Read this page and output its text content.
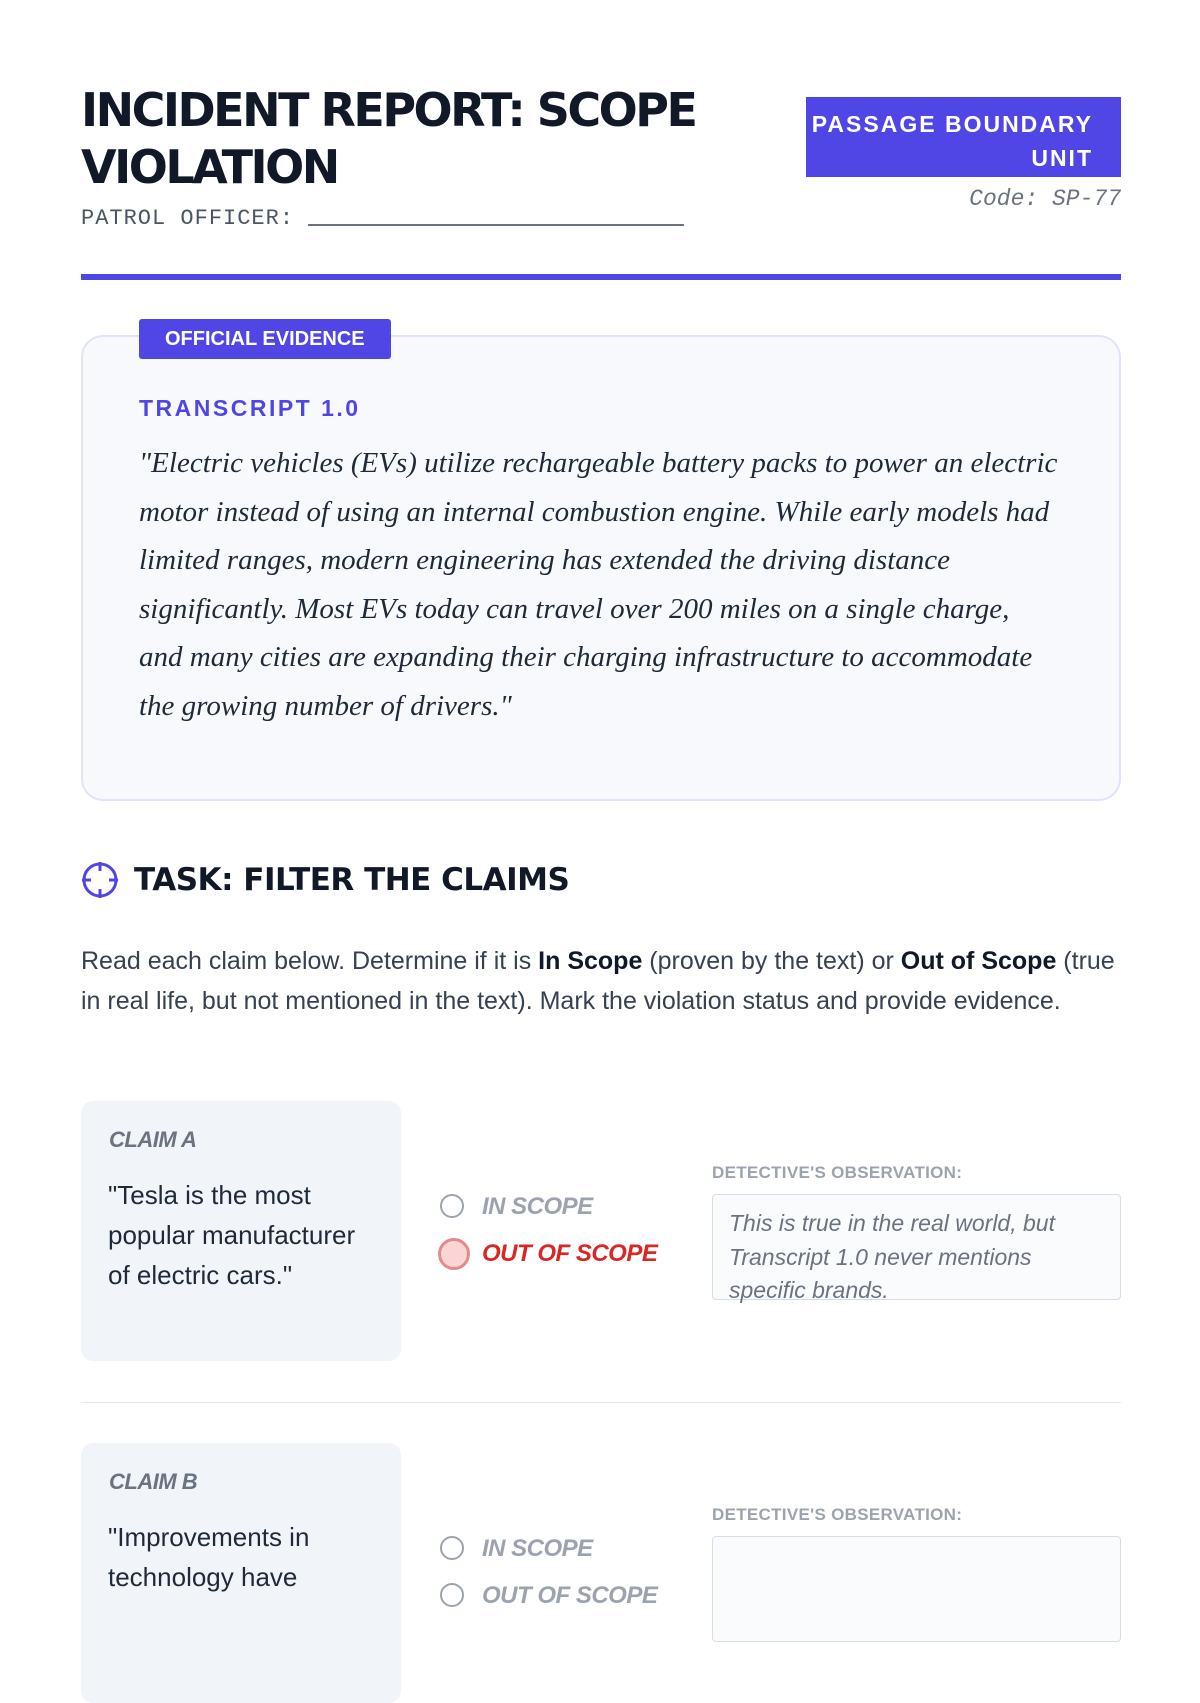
INCIDENT REPORT: SCOPE VIOLATION
PATROL OFFICER:
PASSAGE BOUNDARY UNIT
Code: SP-77
OFFICIAL EVIDENCE
TRANSCRIPT 1.0

"Electric vehicles (EVs) utilize rechargeable battery packs to power an electric motor instead of using an internal combustion engine. While early models had limited ranges, modern engineering has extended the driving distance significantly. Most EVs today can travel over 200 miles on a single charge, and many cities are expanding their charging infrastructure to accommodate the growing number of drivers."

TASK: FILTER THE CLAIMS

Read each claim below. Determine if it is In Scope (proven by the text) or Out of Scope (true in real life, but not mentioned in the text). Mark the violation status and provide evidence.

CLAIM A

"Tesla is the most popular manufacturer of electric cars."

IN SCOPE
OUT OF SCOPE
DETECTIVE'S OBSERVATION:
This is true in the real world, but Transcript 1.0 never mentions specific brands.
CLAIM B

"Improvements in technology have

IN SCOPE
OUT OF SCOPE
DETECTIVE'S OBSERVATION:
